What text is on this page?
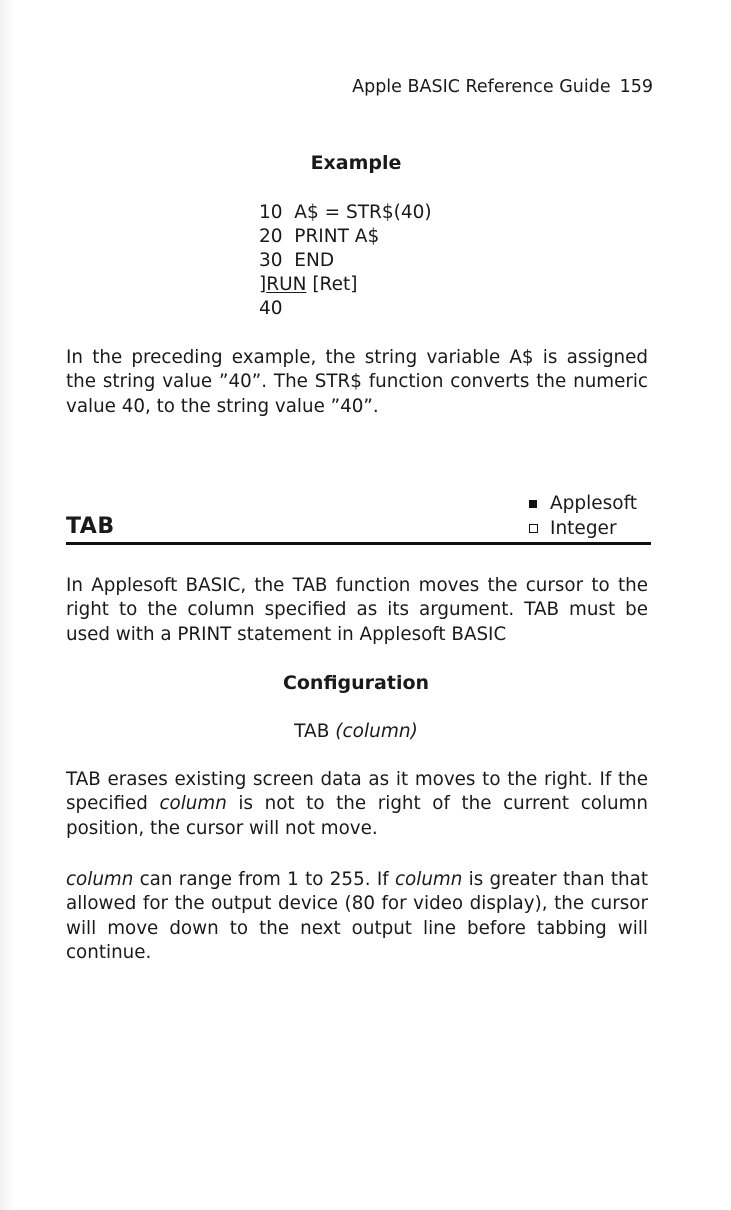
Apple BASIC Reference Guide 159
Example
10  A$ = STR$(40)
20  PRINT A$
30  END
]RUN [Ret]
40

In the preceding example, the string variable A$ is assigned the string value ”40”. The STR$ function converts the numeric value 40, to the string value ”40”.

Applesoft
Integer
TAB

In Applesoft BASIC, the TAB function moves the cursor to the right to the column specified as its argument. TAB must be used with a PRINT statement in Applesoft BASIC

Configuration
TAB (column)

TAB erases existing screen data as it moves to the right. If the specified column is not to the right of the current column position, the cursor will not move.

column can range from 1 to 255. If column is greater than that allowed for the output device (80 for video display), the cursor will move down to the next output line before tabbing will continue.
